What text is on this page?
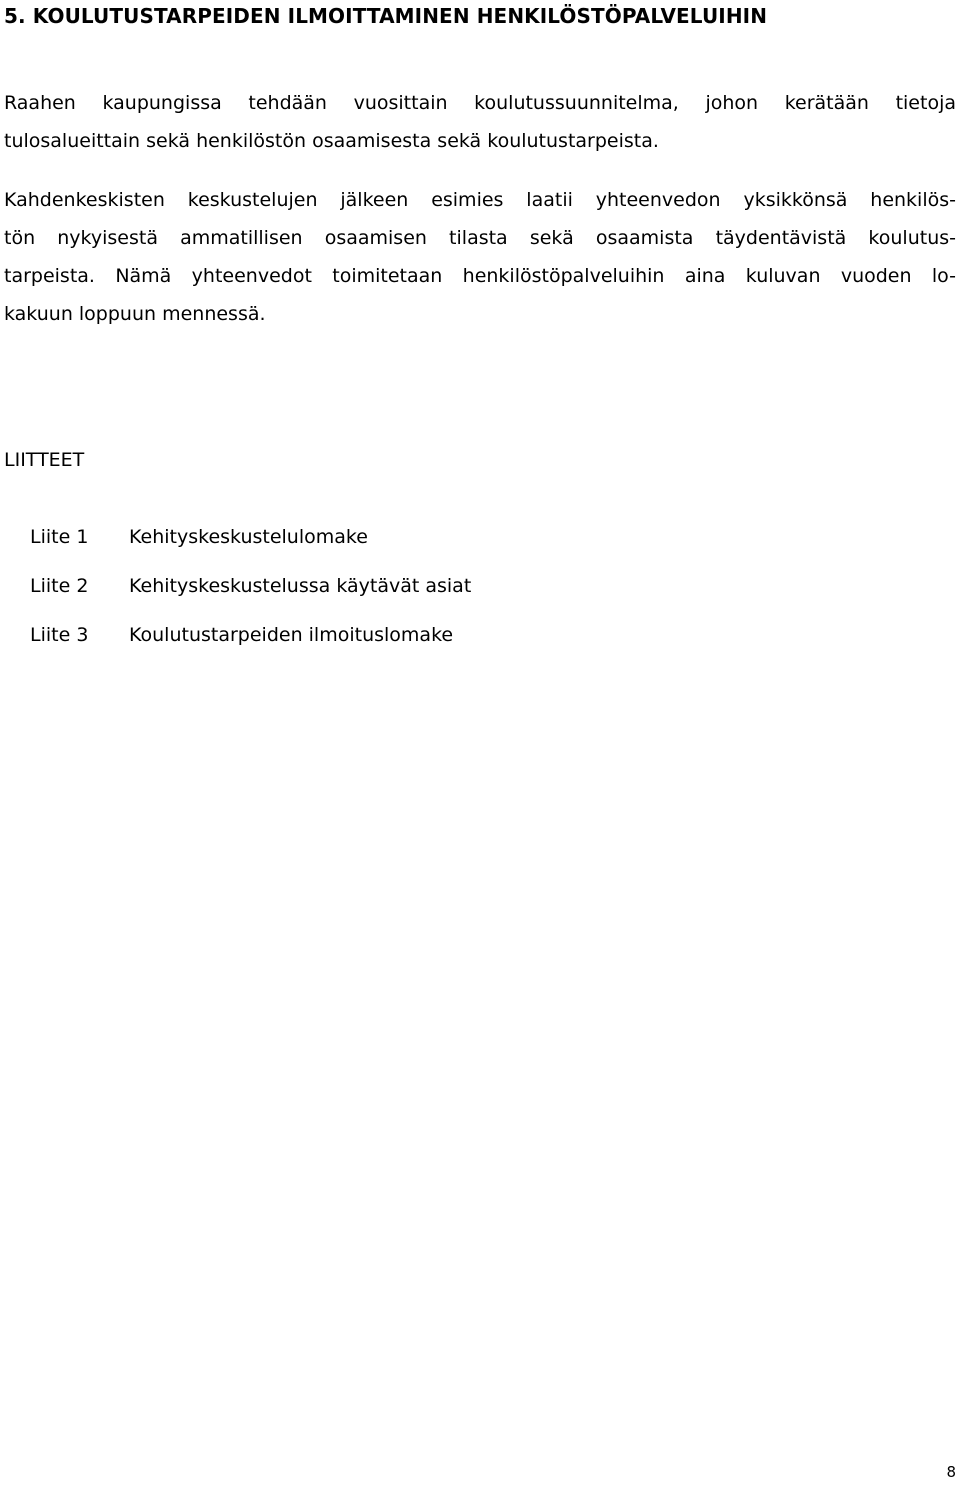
5. KOULUTUSTARPEIDEN ILMOITTAMINEN HENKILÖSTÖPALVELUIHIN
Raahen kaupungissa tehdään vuosittain koulutussuunnitelma, johon kerätään tietoja
tulosalueittain sekä henkilöstön osaamisesta sekä koulutustarpeista.
Kahdenkeskisten keskustelujen jälkeen esimies laatii yhteenvedon yksikkönsä henkilös-
tön nykyisestä ammatillisen osaamisen tilasta sekä osaamista täydentävistä koulutus-
tarpeista. Nämä yhteenvedot toimitetaan henkilöstöpalveluihin aina kuluvan vuoden lo-
kakuun loppuun mennessä.
LIITTEET
Liite 1	Kehityskeskustelulomake
Liite 2	Kehityskeskustelussa käytävät asiat
Liite 3	Koulutustarpeiden ilmoituslomake
8
